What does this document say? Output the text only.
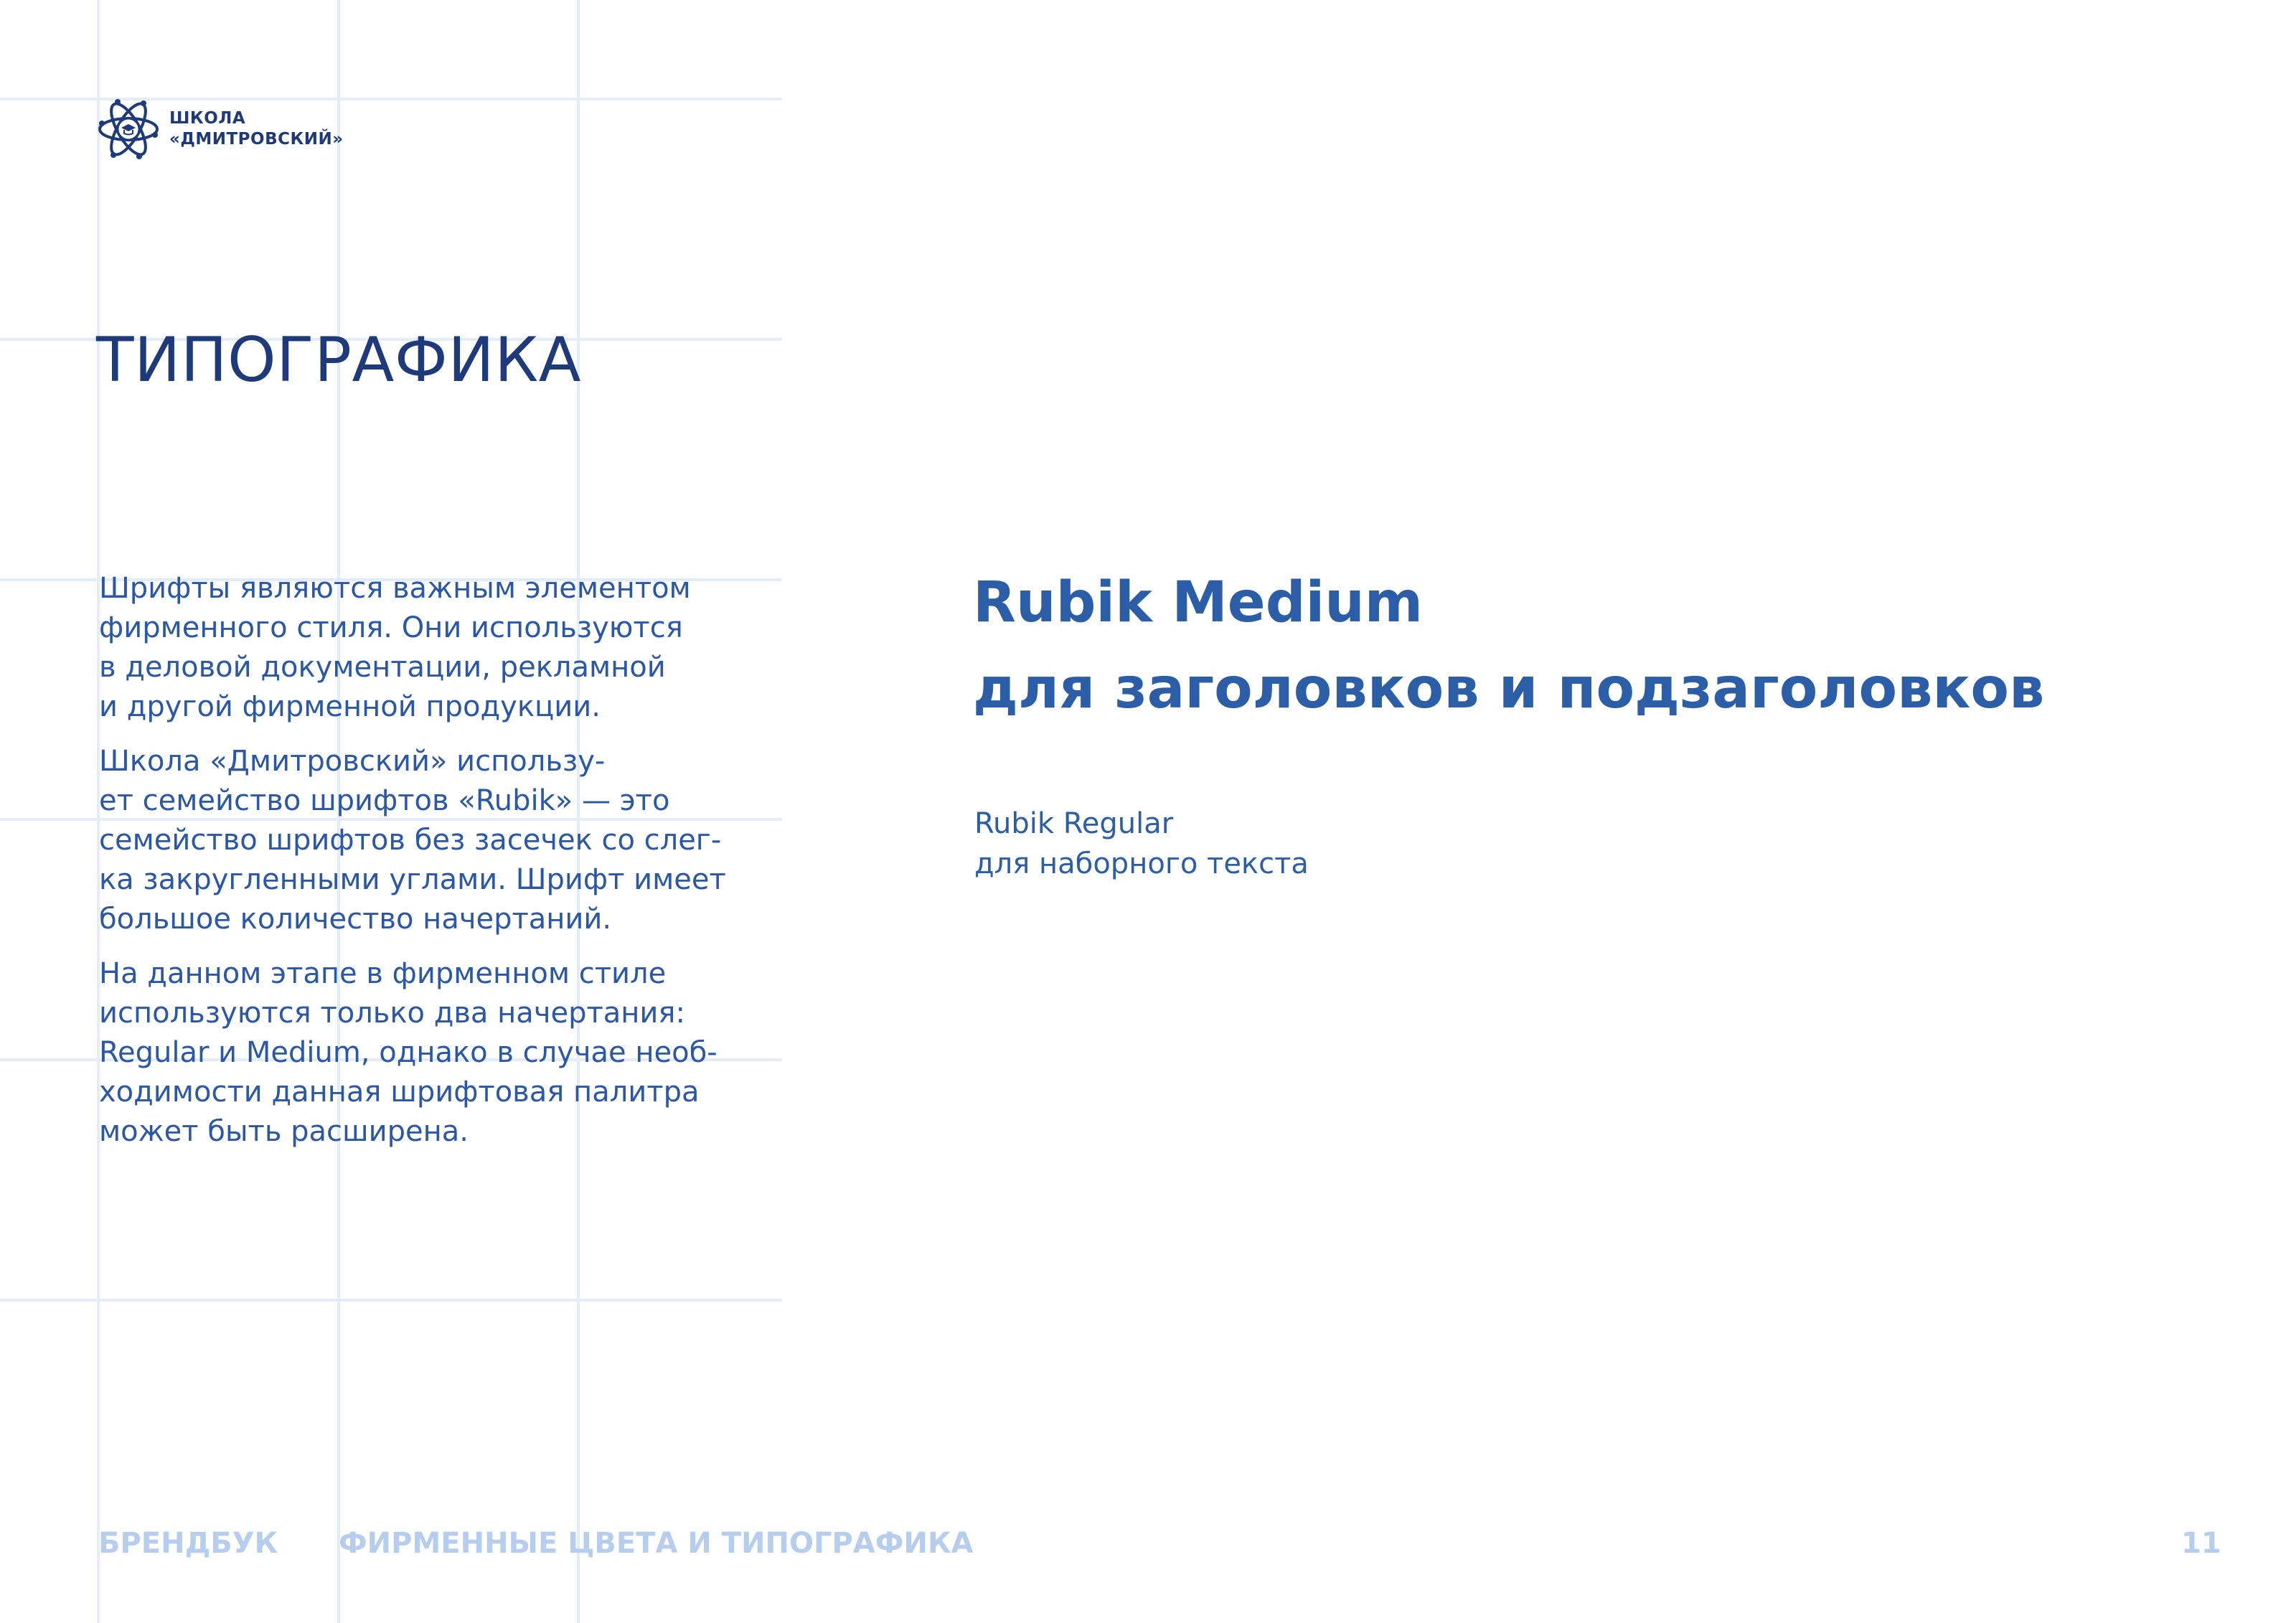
ШКОЛА
«ДМИТРОВСКИЙ»
ТИПОГРАФИКА

Шрифты являются важным элементом
фирменного стиля. Они используются
в деловой документации, рекламной
и другой фирменной продукции.

Школа «Дмитровский» использу-
ет семейство шрифтов «Rubik» — это
семейство шрифтов без засечек со слег-
ка закругленными углами. Шрифт имеет
большое количество начертаний.

На данном этапе в фирменном стиле
используются только два начертания:
Regular и Medium, однако в случае необ-
ходимости данная шрифтовая палитра
может быть расширена.

Rubik Medium
для заголовков и подзаголовков
Rubik Regular
для наборного текста
БРЕНДБУК ФИРМЕННЫЕ ЦВЕТА И ТИПОГРАФИКА	11
